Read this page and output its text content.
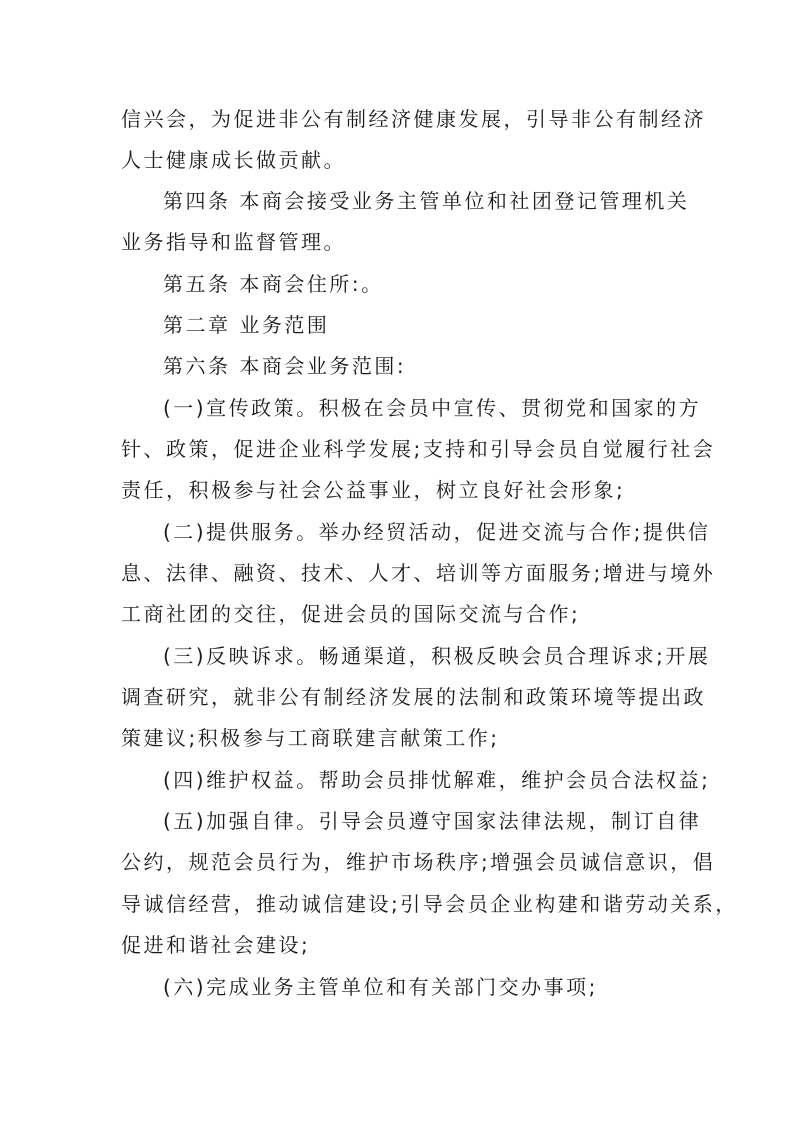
信兴会，为促进非公有制经济健康发展，引导非公有制经济
人士健康成长做贡献。
第四条 本商会接受业务主管单位和社团登记管理机关
业务指导和监督管理。
第五条 本商会住所:。
第二章 业务范围
第六条 本商会业务范围:
(一)宣传政策。积极在会员中宣传、贯彻党和国家的方
针、政策，促进企业科学发展;支持和引导会员自觉履行社会
责任，积极参与社会公益事业，树立良好社会形象;
(二)提供服务。举办经贸活动，促进交流与合作;提供信
息、法律、融资、技术、人才、培训等方面服务;增进与境外
工商社团的交往，促进会员的国际交流与合作;
(三)反映诉求。畅通渠道，积极反映会员合理诉求;开展
调查研究，就非公有制经济发展的法制和政策环境等提出政
策建议;积极参与工商联建言献策工作;
(四)维护权益。帮助会员排忧解难，维护会员合法权益;
(五)加强自律。引导会员遵守国家法律法规，制订自律
公约，规范会员行为，维护市场秩序;增强会员诚信意识，倡
导诚信经营，推动诚信建设;引导会员企业构建和谐劳动关系，
促进和谐社会建设;
(六)完成业务主管单位和有关部门交办事项;
